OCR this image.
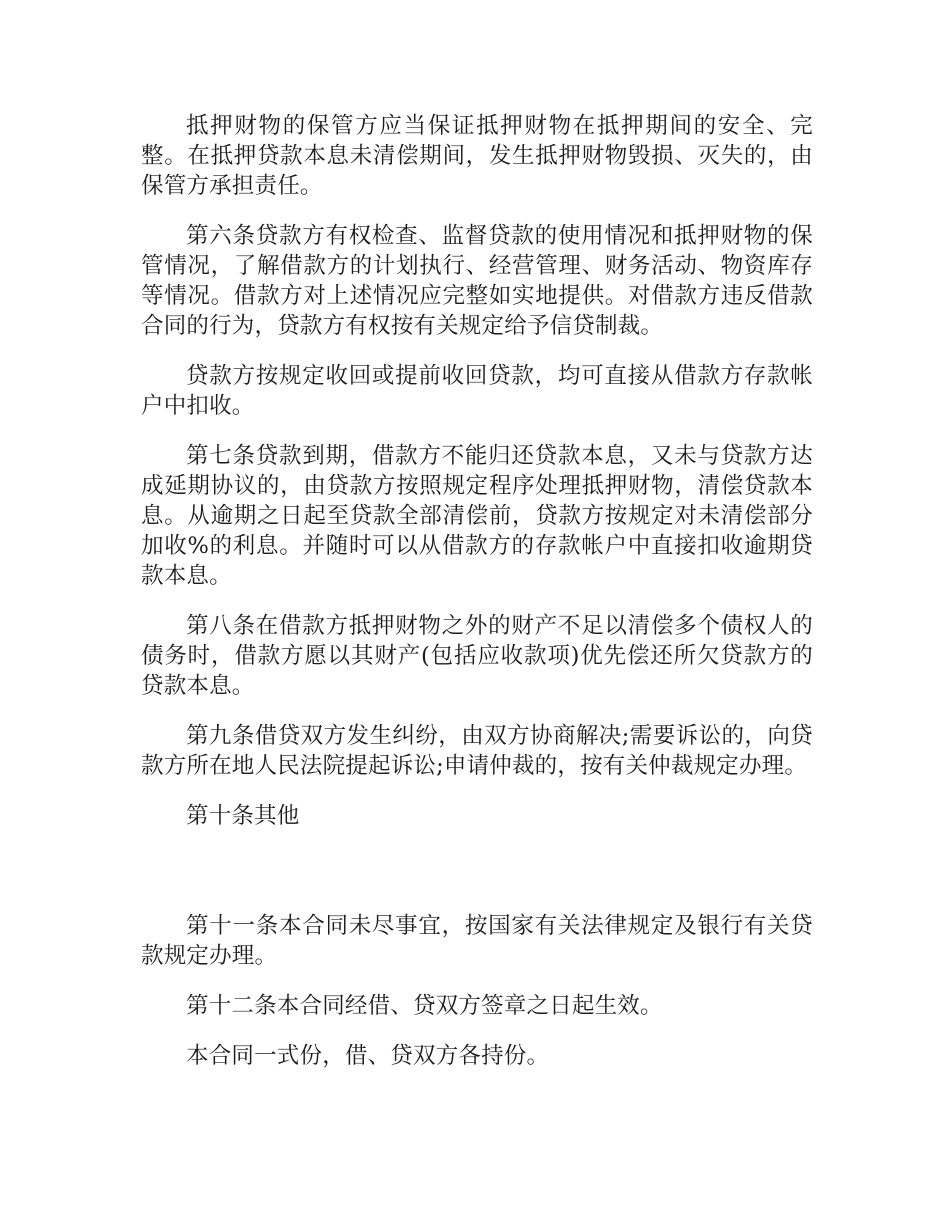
抵押财物的保管方应当保证抵押财物在抵押期间的安全、完整。在抵押贷款本息未清偿期间，发生抵押财物毁损、灭失的，由保管方承担责任。

第六条贷款方有权检查、监督贷款的使用情况和抵押财物的保管情况，了解借款方的计划执行、经营管理、财务活动、物资库存等情况。借款方对上述情况应完整如实地提供。对借款方违反借款合同的行为，贷款方有权按有关规定给予信贷制裁。

贷款方按规定收回或提前收回贷款，均可直接从借款方存款帐户中扣收。

第七条贷款到期，借款方不能归还贷款本息，又未与贷款方达成延期协议的，由贷款方按照规定程序处理抵押财物，清偿贷款本息。从逾期之日起至贷款全部清偿前，贷款方按规定对未清偿部分加收%的利息。并随时可以从借款方的存款帐户中直接扣收逾期贷款本息。

第八条在借款方抵押财物之外的财产不足以清偿多个债权人的债务时，借款方愿以其财产(包括应收款项)优先偿还所欠贷款方的贷款本息。

第九条借贷双方发生纠纷，由双方协商解决;需要诉讼的，向贷款方所在地人民法院提起诉讼;申请仲裁的，按有关仲裁规定办理。

第十条其他

第十一条本合同未尽事宜，按国家有关法律规定及银行有关贷款规定办理。

第十二条本合同经借、贷双方签章之日起生效。

本合同一式份，借、贷双方各持份。
